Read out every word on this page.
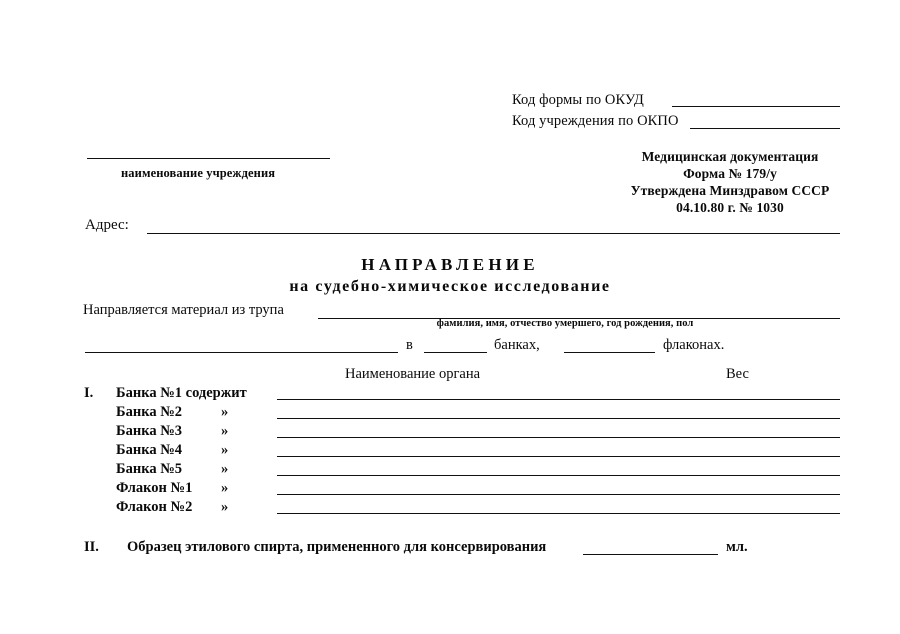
Код формы по ОКУД
Код учреждения по ОКПО
наименование учреждения
Медицинская документация
Форма № 179/у
Утверждена Минздравом СССР
04.10.80 г. № 1030
Адрес:
НАПРАВЛЕНИЕ
на судебно-химическое исследование
Направляется материал из трупа
фамилия, имя, отчество умершего, год рождения, пол
в	банках,	флаконах.
Наименование органа	Вес
I. Банка №1 содержит
Банка №2	»
Банка №3	»
Банка №4	»
Банка №5	»
Флакон №1 »
Флакон №2 »
II. Образец этилового спирта, примененного для консервирования	мл.
